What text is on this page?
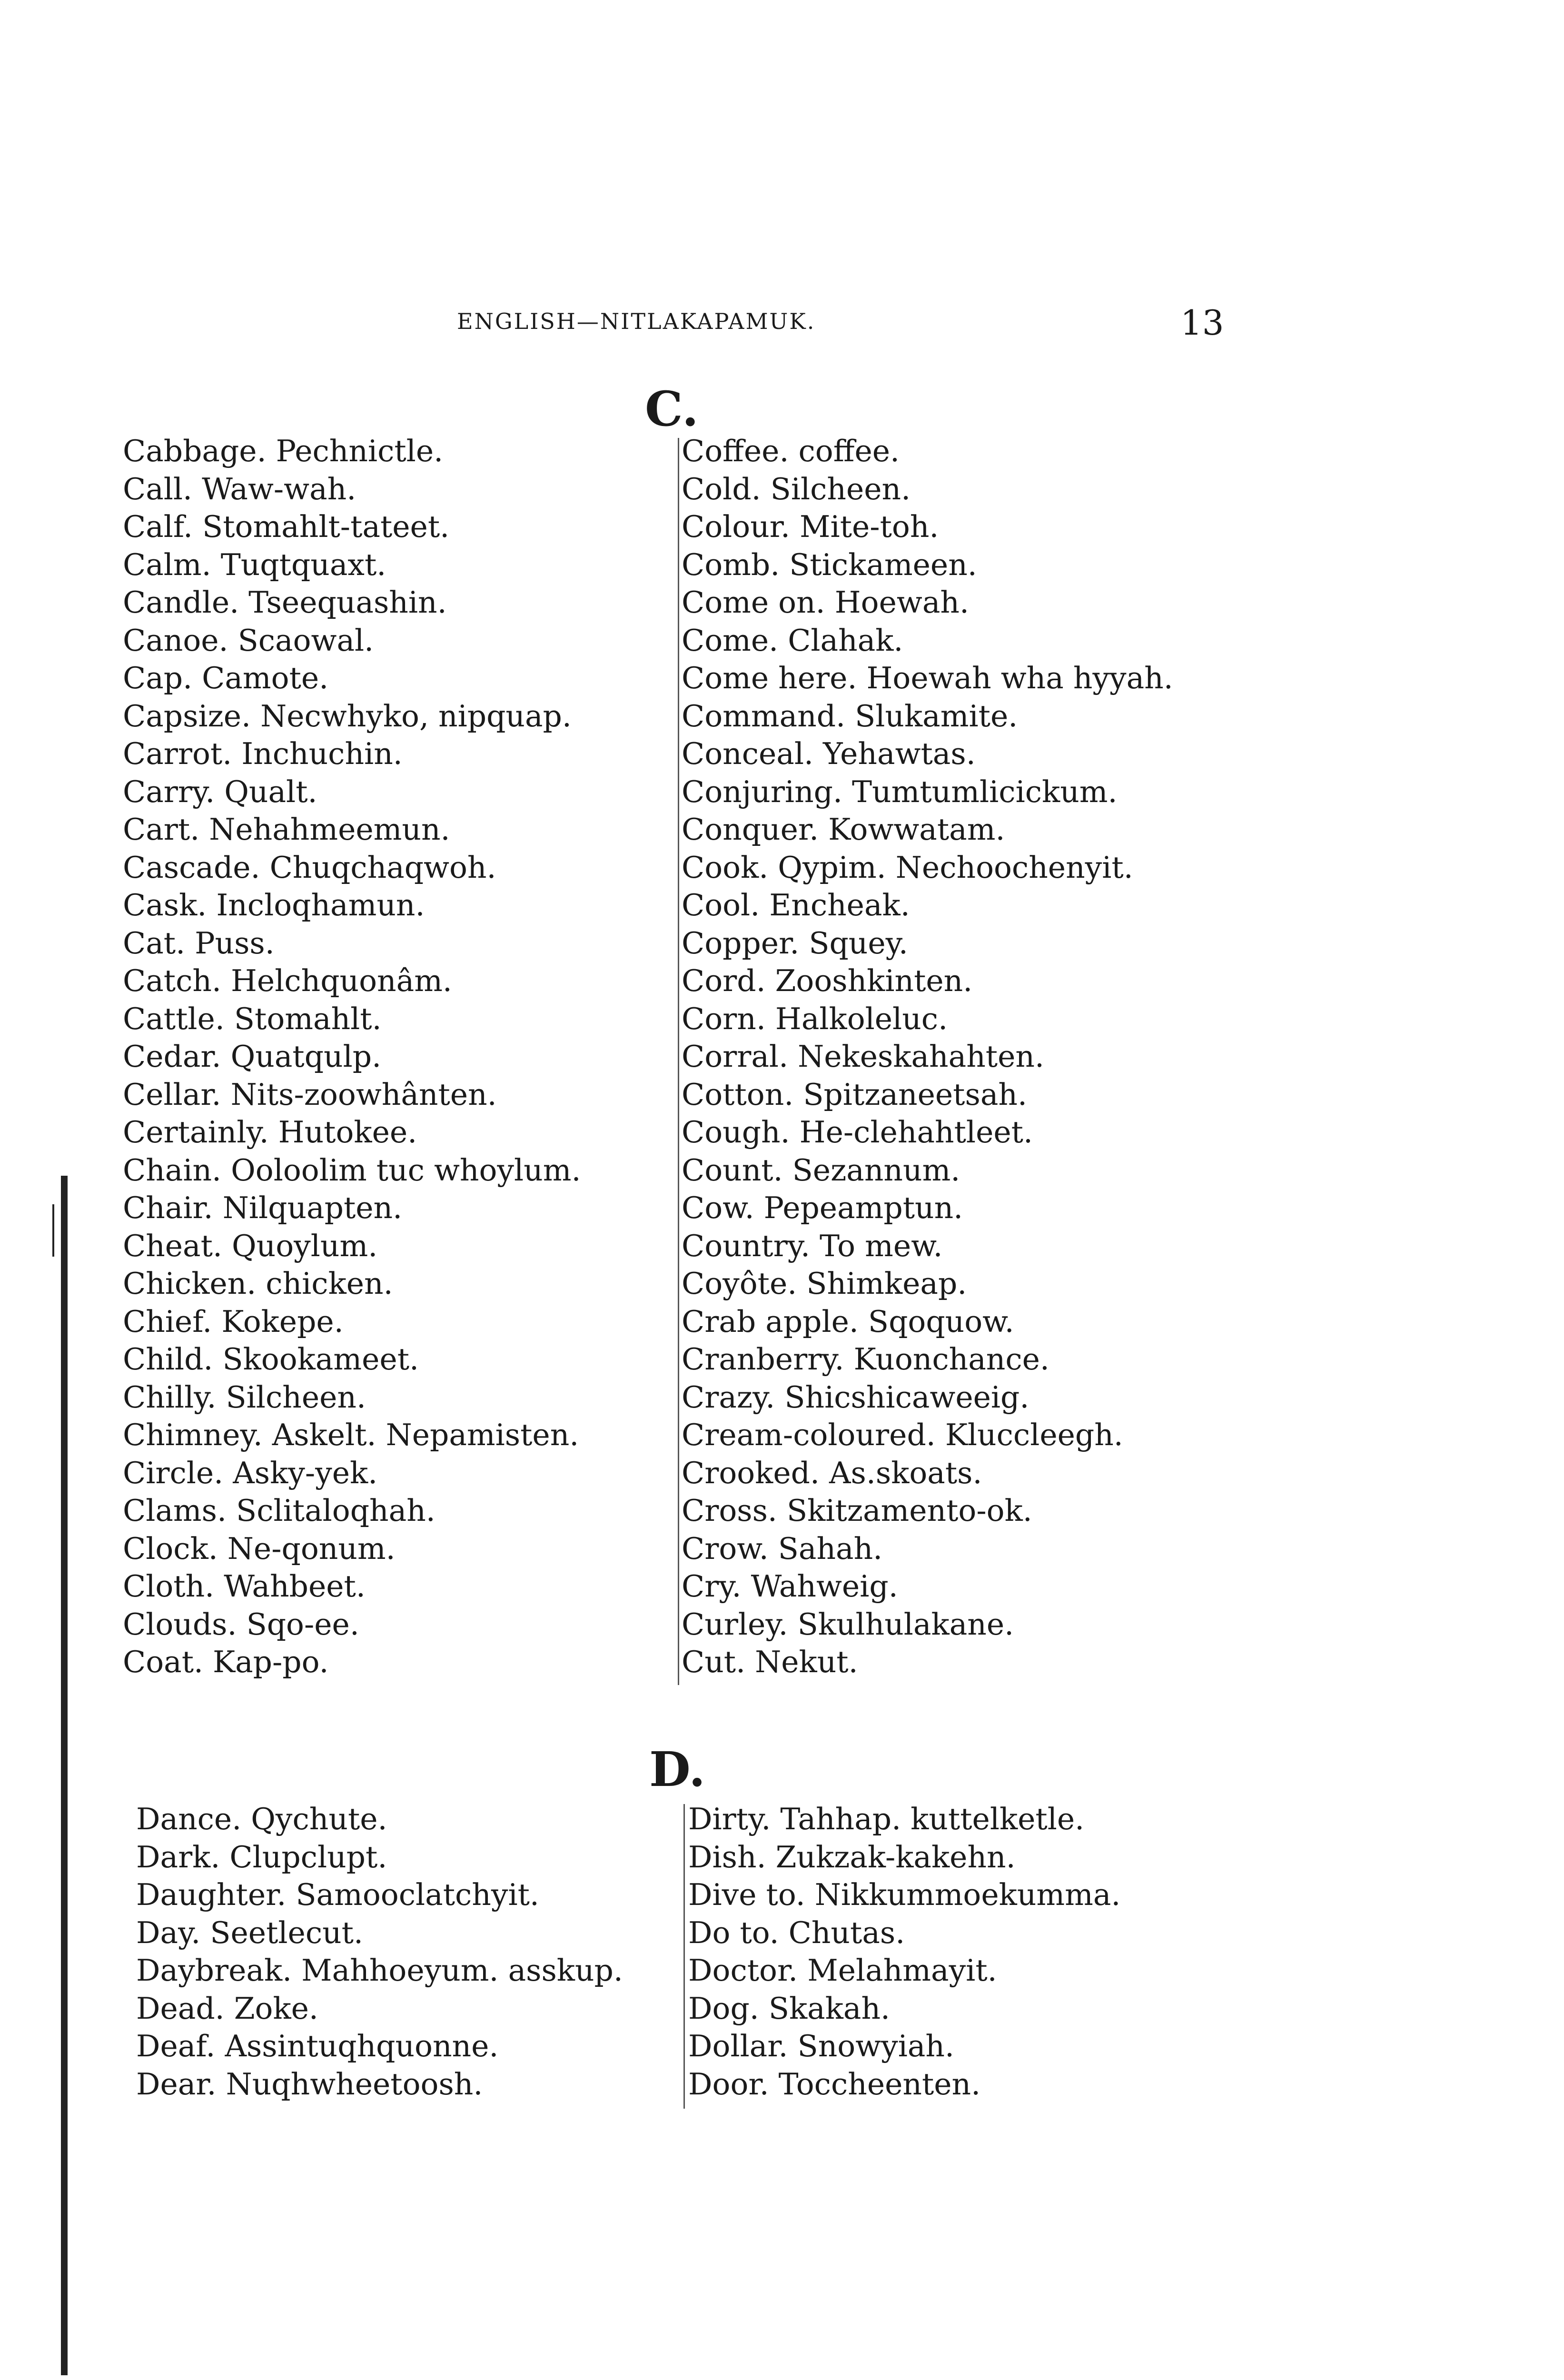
ENGLISH—NITLAKAPAMUK.	13
C.
Cabbage. Pechnictle.
Call. Waw-wah.
Calf. Stomahlt-tateet.
Calm. Tuqtquaxt.
Candle. Tseequashin.
Canoe. Scaowal.
Cap. Camote.
Capsize. Necwhyko, nipquap.
Carrot. Inchuchin.
Carry. Qualt.
Cart. Nehahmeemun.
Cascade. Chuqchaqwoh.
Cask. Incloqhamun.
Cat. Puss.
Catch. Helchquonâm.
Cattle. Stomahlt.
Cedar. Quatqulp.
Cellar. Nits-zoowhânten.
Certainly. Hutokee.
Chain. Ooloolim tuc whoylum.
Chair. Nilquapten.
Cheat. Quoylum.
Chicken. chicken.
Chief. Kokepe.
Child. Skookameet.
Chilly. Silcheen.
Chimney. Askelt. Nepamisten.
Circle. Asky-yek.
Clams. Sclitaloqhah.
Clock. Ne-qonum.
Cloth. Wahbeet.
Clouds. Sqo-ee.
Coat. Kap-po.
Coffee. coffee.
Cold. Silcheen.
Colour. Mite-toh.
Comb. Stickameen.
Come on. Hoewah.
Come. Clahak.
Come here. Hoewah wha hyyah.
Command. Slukamite.
Conceal. Yehawtas.
Conjuring. Tumtumlicickum.
Conquer. Kowwatam.
Cook. Qypim. Nechoochenyit.
Cool. Encheak.
Copper. Squey.
Cord. Zooshkinten.
Corn. Halkoleluc.
Corral. Nekeskahahten.
Cotton. Spitzaneetsah.
Cough. He-clehahtleet.
Count. Sezannum.
Cow. Pepeamptun.
Country. To mew.
Coyôte. Shimkeap.
Crab apple. Sqoquow.
Cranberry. Kuonchance.
Crazy. Shicshicaweeig.
Cream-coloured. Kluccleegh.
Crooked. As.skoats.
Cross. Skitzamento-ok.
Crow. Sahah.
Cry. Wahweig.
Curley. Skulhulakane.
Cut. Nekut.
D.
Dance. Qychute.
Dark. Clupclupt.
Daughter. Samooclatchyit.
Day. Seetlecut.
Daybreak. Mahhoeyum. asskup.
Dead. Zoke.
Deaf. Assintuqhquonne.
Dear. Nuqhwheetoosh.
Dirty. Tahhap. kuttelketle.
Dish. Zukzak-kakehn.
Dive to. Nikkummoekumma.
Do to. Chutas.
Doctor. Melahmayit.
Dog. Skakah.
Dollar. Snowyiah.
Door. Toccheenten.
